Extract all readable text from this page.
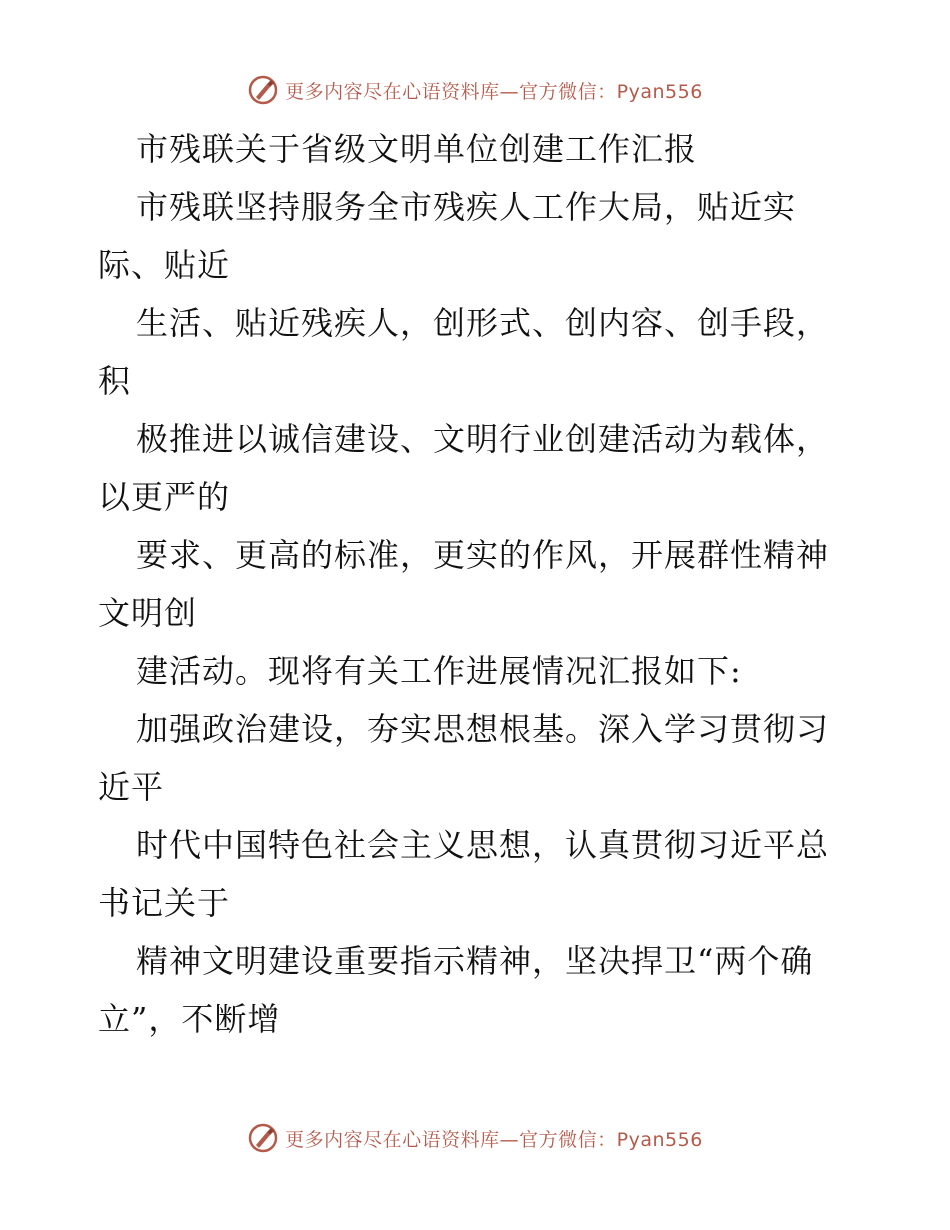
更多内容尽在心语资料库—官方微信：Pyan556
市残联关于省级文明单位创建工作汇报
市残联坚持服务全市残疾人工作大局，贴近实
际、贴近
生活、贴近残疾人，创形式、创内容、创手段，
积
极推进以诚信建设、文明行业创建活动为载体，
以更严的
要求、更高的标准，更实的作风，开展群性精神
文明创
建活动。现将有关工作进展情况汇报如下:
加强政治建设，夯实思想根基。深入学习贯彻习
近平
时代中国特色社会主义思想，认真贯彻习近平总
书记关于
精神文明建设重要指示精神，坚决捍卫“两个确
立”，不断增
更多内容尽在心语资料库—官方微信：Pyan556
